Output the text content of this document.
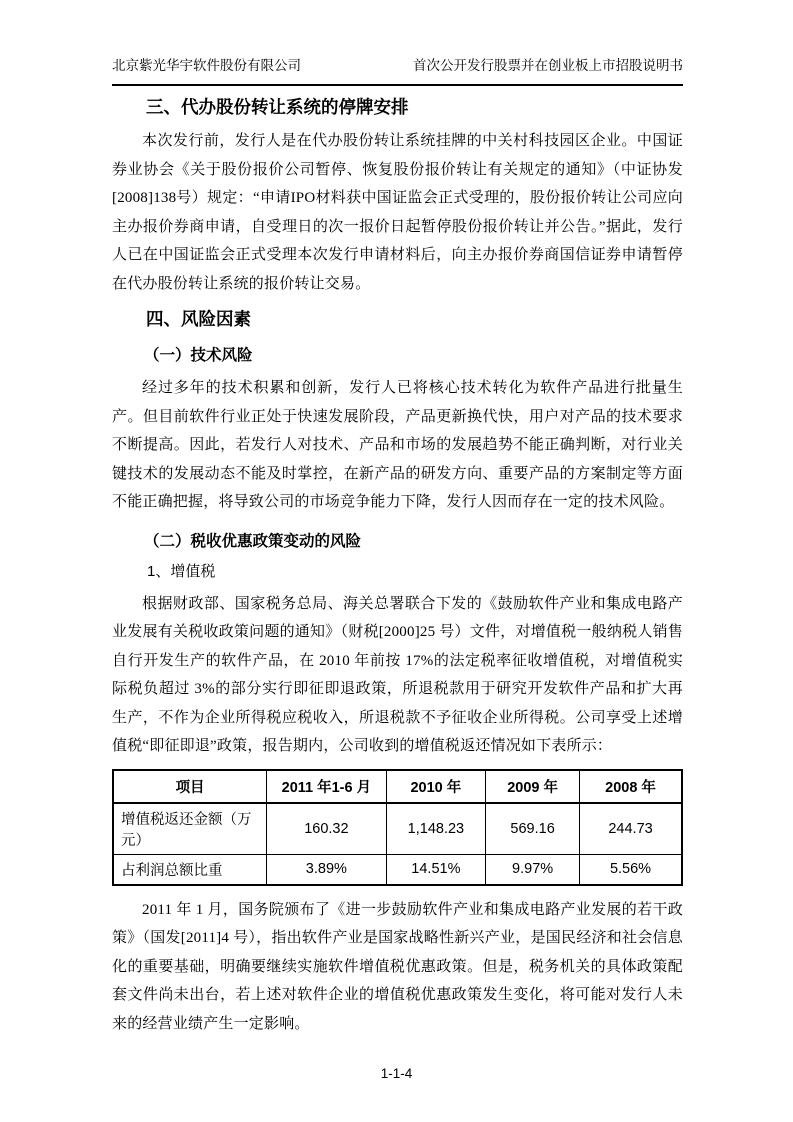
北京紫光华宇软件股份有限公司	首次公开发行股票并在创业板上市招股说明书
三、代办股份转让系统的停牌安排

本次发行前，发行人是在代办股份转让系统挂牌的中关村科技园区企业。中国证券业协会《关于股份报价公司暂停、恢复股份报价转让有关规定的通知》（中证协发[2008]138号）规定：“申请IPO材料获中国证监会正式受理的，股份报价转让公司应向主办报价券商申请，自受理日的次一报价日起暂停股份报价转让并公告。”据此，发行人已在中国证监会正式受理本次发行申请材料后，向主办报价券商国信证券申请暂停在代办股份转让系统的报价转让交易。

四、风险因素
（一）技术风险

经过多年的技术积累和创新，发行人已将核心技术转化为软件产品进行批量生产。但目前软件行业正处于快速发展阶段，产品更新换代快，用户对产品的技术要求不断提高。因此，若发行人对技术、产品和市场的发展趋势不能正确判断，对行业关键技术的发展动态不能及时掌控，在新产品的研发方向、重要产品的方案制定等方面不能正确把握，将导致公司的市场竞争能力下降，发行人因而存在一定的技术风险。

（二）税收优惠政策变动的风险
1、增值税

根据财政部、国家税务总局、海关总署联合下发的《鼓励软件产业和集成电路产业发展有关税收政策问题的通知》（财税[2000]25 号）文件，对增值税一般纳税人销售自行开发生产的软件产品，在 2010 年前按 17%的法定税率征收增值税，对增值税实际税负超过 3%的部分实行即征即退政策，所退税款用于研究开发软件产品和扩大再生产，不作为企业所得税应税收入，所退税款不予征收企业所得税。公司享受上述增值税“即征即退”政策，报告期内，公司收到的增值税返还情况如下表所示：

项目	2011 年1-6 月	2010 年	2009 年	2008 年
增值税返还金额（万元）	160.32	1,148.23	569.16	244.73
占利润总额比重	3.89%	14.51%	9.97%	5.56%

2011 年 1 月，国务院颁布了《进一步鼓励软件产业和集成电路产业发展的若干政策》（国发[2011]4 号），指出软件产业是国家战略性新兴产业，是国民经济和社会信息化的重要基础，明确要继续实施软件增值税优惠政策。但是，税务机关的具体政策配套文件尚未出台，若上述对软件企业的增值税优惠政策发生变化，将可能对发行人未来的经营业绩产生一定影响。

1-1-4
